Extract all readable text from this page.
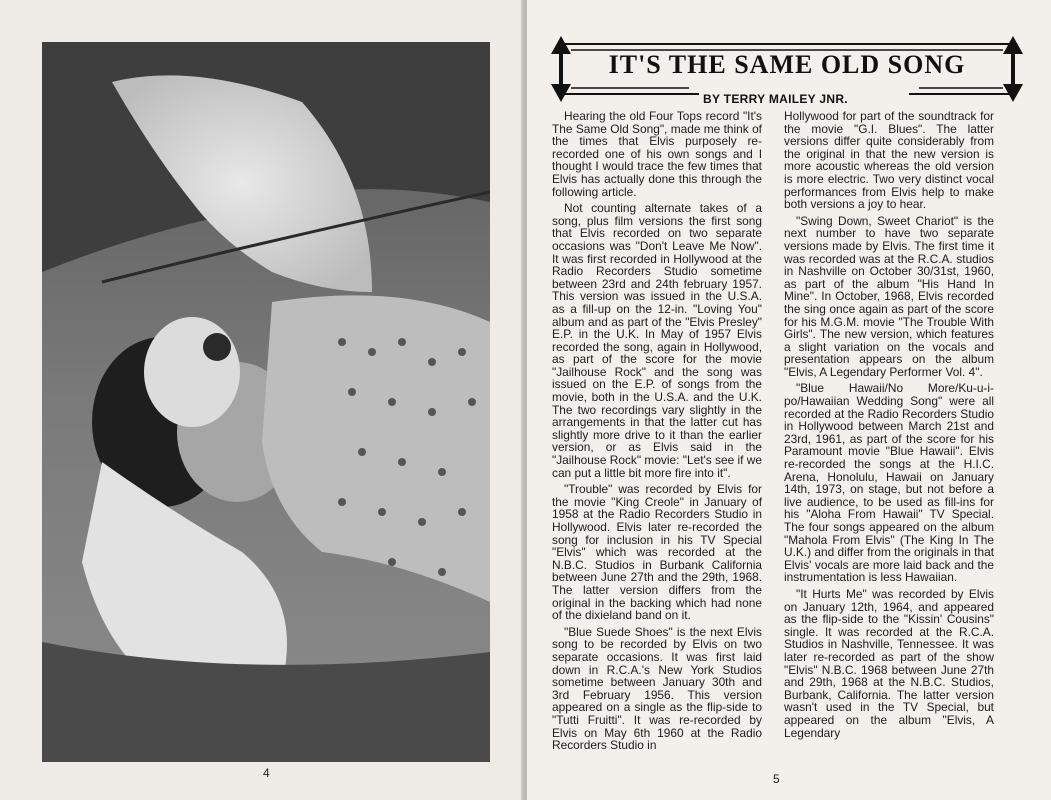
4
IT'S THE SAME OLD SONG
BY TERRY MAILEY JNR.

Hearing the old Four Tops record "It's The Same Old Song", made me think of the times that Elvis purposely re-recorded one of his own songs and I thought I would trace the few times that Elvis has actually done this through the following article.

Not counting alternate takes of a song, plus film versions the first song that Elvis recorded on two separate occasions was "Don't Leave Me Now". It was first recorded in Hollywood at the Radio Recorders Studio sometime between 23rd and 24th february 1957. This version was issued in the U.S.A. as a fill-up on the 12-in. "Loving You" album and as part of the "Elvis Presley" E.P. in the U.K. In May of 1957 Elvis recorded the song, again in Hollywood, as part of the score for the movie "Jailhouse Rock" and the song was issued on the E.P. of songs from the movie, both in the U.S.A. and the U.K. The two recordings vary slightly in the arrangements in that the latter cut has slightly more drive to it than the earlier version, or as Elvis said in the "Jailhouse Rock" movie: "Let's see if we can put a little bit more fire into it".

"Trouble" was recorded by Elvis for the movie "King Creole" in January of 1958 at the Radio Recorders Studio in Hollywood. Elvis later re-recorded the song for inclusion in his TV Special "Elvis" which was recorded at the N.B.C. Studios in Burbank California between June 27th and the 29th, 1968. The latter version differs from the original in the backing which had none of the dixieland band on it.

"Blue Suede Shoes" is the next Elvis song to be recorded by Elvis on two separate occasions. It was first laid down in R.C.A.'s New York Studios sometime between January 30th and 3rd February 1956. This version appeared on a single as the flip-side to "Tutti Fruitti". It was re-recorded by Elvis on May 6th 1960 at the Radio Recorders Studio in

Hollywood for part of the soundtrack for the movie "G.I. Blues". The latter versions differ quite considerably from the original in that the new version is more acoustic whereas the old version is more electric. Two very distinct vocal performances from Elvis help to make both versions a joy to hear.

"Swing Down, Sweet Chariot" is the next number to have two separate versions made by Elvis. The first time it was recorded was at the R.C.A. studios in Nashville on October 30/31st, 1960, as part of the album "His Hand In Mine". In October, 1968, Elvis recorded the sing once again as part of the score for his M.G.M. movie "The Trouble With Girls". The new version, which features a slight variation on the vocals and presentation appears on the album "Elvis, A Legendary Performer Vol. 4".

"Blue Hawaii/No More/Ku-u-i-po/Hawaiian Wedding Song" were all recorded at the Radio Recorders Studio in Hollywood between March 21st and 23rd, 1961, as part of the score for his Paramount movie "Blue Hawaii". Elvis re-recorded the songs at the H.I.C. Arena, Honolulu, Hawaii on January 14th, 1973, on stage, but not before a live audience, to be used as fill-ins for his "Aloha From Hawaii" TV Special. The four songs appeared on the album "Mahola From Elvis" (The King In The U.K.) and differ from the originals in that Elvis' vocals are more laid back and the instrumentation is less Hawaiian.

"It Hurts Me" was recorded by Elvis on January 12th, 1964, and appeared as the flip-side to the "Kissin' Cousins" single. It was recorded at the R.C.A. Studios in Nashville, Tennessee. It was later re-recorded as part of the show "Elvis" N.B.C. 1968 between June 27th and 29th, 1968 at the N.B.C. Studios, Burbank, California. The latter version wasn't used in the TV Special, but appeared on the album "Elvis, A Legendary

5
